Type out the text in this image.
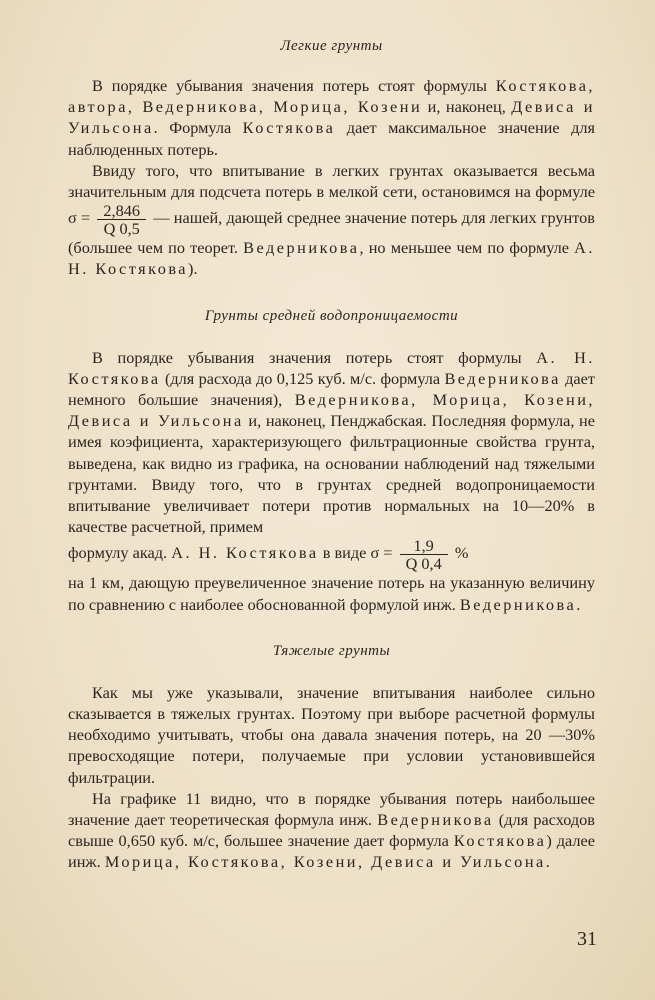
Легкие грунты

В порядке убывания значения потерь стоят формулы Костякова, автора, Ведерникова, Морица, Козени и, наконец, Девиса и Уильсона. Формула Костякова дает максимальное значение для наблюденных потерь.

Ввиду того, что впитывание в легких грунтах оказывается весьма значительным для подсчета потерь в мелкой сети, остановимся на формуле $\sigma = \frac{2,846}{Q 0,5}$ — нашей, дающей среднее значение потерь для легких грунтов (большее чем по теорет. Ведерникова, но меньшее чем по формуле А. Н. Костякова).

Грунты средней водопроницаемости

В порядке убывания значения потерь стоят формулы А. Н. Костякова (для расхода до 0,125 куб. м/с. формула Ведерникова дает немного большие значения), Ведерникова, Морица, Козени, Девиса и Уильсона и, наконец, Пенджабская. Последняя формула, не имея коэфициента, характеризующего фильтрационные свойства грунта, выведена, как видно из графика, на основании наблюдений над тяжелыми грунтами. Ввиду того, что в грунтах средней водопроницаемости впитывание увеличивает потери против нормальных на 10—20% в качестве расчетной, примем

формулу акад. А. Н. Костякова в виде $\sigma = \frac{1,9}{Q 0,4}$ %

на 1 км, дающую преувеличенное значение потерь на указанную величину по сравнению с наиболее обоснованной формулой инж. Ведерникова.

Тяжелые грунты

Как мы уже указывали, значение впитывания наиболее сильно сказывается в тяжелых грунтах. Поэтому при выборе расчетной формулы необходимо учитывать, чтобы она давала значения потерь, на 20 —30% превосходящие потери, получаемые при условии установившейся фильтрации.

На графике 11 видно, что в порядке убывания потерь наибольшее значение дает теоретическая формула инж. Ведерникова (для расходов свыше 0,650 куб. м/с, большее значение дает формула Костякова) далее инж. Морица, Костякова, Козени, Девиса и Уильсона.

31
